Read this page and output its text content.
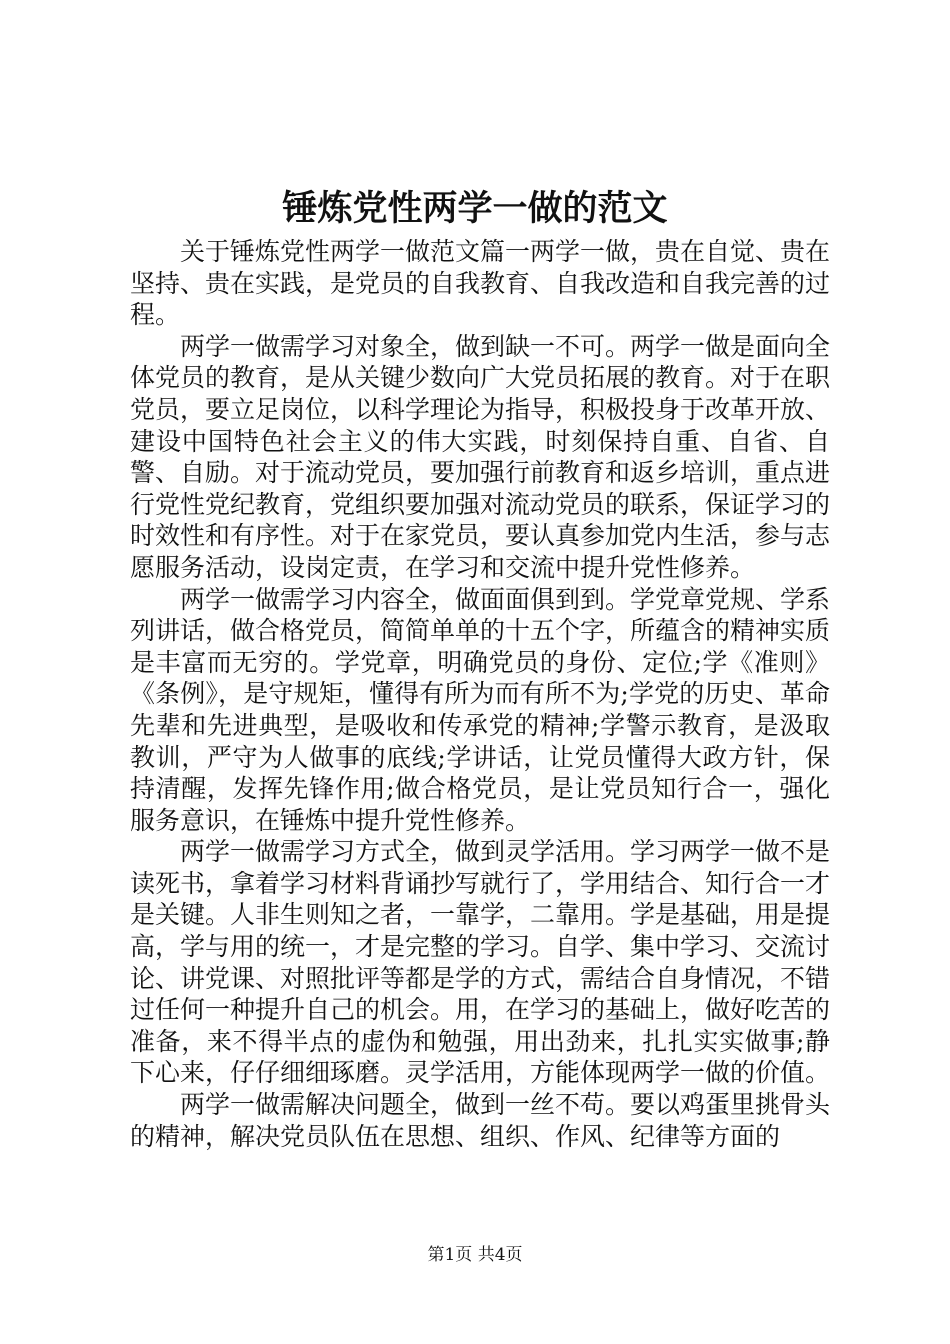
锤炼党性两学一做的范文

关于锤炼党性两学一做范文篇一两学一做，贵在自觉、贵在坚持、贵在实践，是党员的自我教育、自我改造和自我完善的过程。

两学一做需学习对象全，做到缺一不可。两学一做是面向全体党员的教育，是从关键少数向广大党员拓展的教育。对于在职党员，要立足岗位，以科学理论为指导，积极投身于改革开放、建设中国特色社会主义的伟大实践，时刻保持自重、自省、自警、自励。对于流动党员，要加强行前教育和返乡培训，重点进行党性党纪教育，党组织要加强对流动党员的联系，保证学习的时效性和有序性。对于在家党员，要认真参加党内生活，参与志愿服务活动，设岗定责，在学习和交流中提升党性修养。

两学一做需学习内容全，做面面俱到到。学党章党规、学系列讲话，做合格党员，简简单单的十五个字，所蕴含的精神实质是丰富而无穷的。学党章，明确党员的身份、定位;学《准则》《条例》，是守规矩，懂得有所为而有所不为;学党的历史、革命先辈和先进典型，是吸收和传承党的精神;学警示教育，是汲取教训，严守为人做事的底线;学讲话，让党员懂得大政方针，保持清醒，发挥先锋作用;做合格党员，是让党员知行合一，强化服务意识，在锤炼中提升党性修养。

两学一做需学习方式全，做到灵学活用。学习两学一做不是读死书，拿着学习材料背诵抄写就行了，学用结合、知行合一才是关键。人非生则知之者，一靠学，二靠用。学是基础，用是提高，学与用的统一，才是完整的学习。自学、集中学习、交流讨论、讲党课、对照批评等都是学的方式，需结合自身情况，不错过任何一种提升自己的机会。用，在学习的基础上，做好吃苦的准备，来不得半点的虚伪和勉强，用出劲来，扎扎实实做事;静下心来，仔仔细细琢磨。灵学活用，方能体现两学一做的价值。

两学一做需解决问题全，做到一丝不苟。要以鸡蛋里挑骨头的精神，解决党员队伍在思想、组织、作风、纪律等方面的

第1页 共4页
